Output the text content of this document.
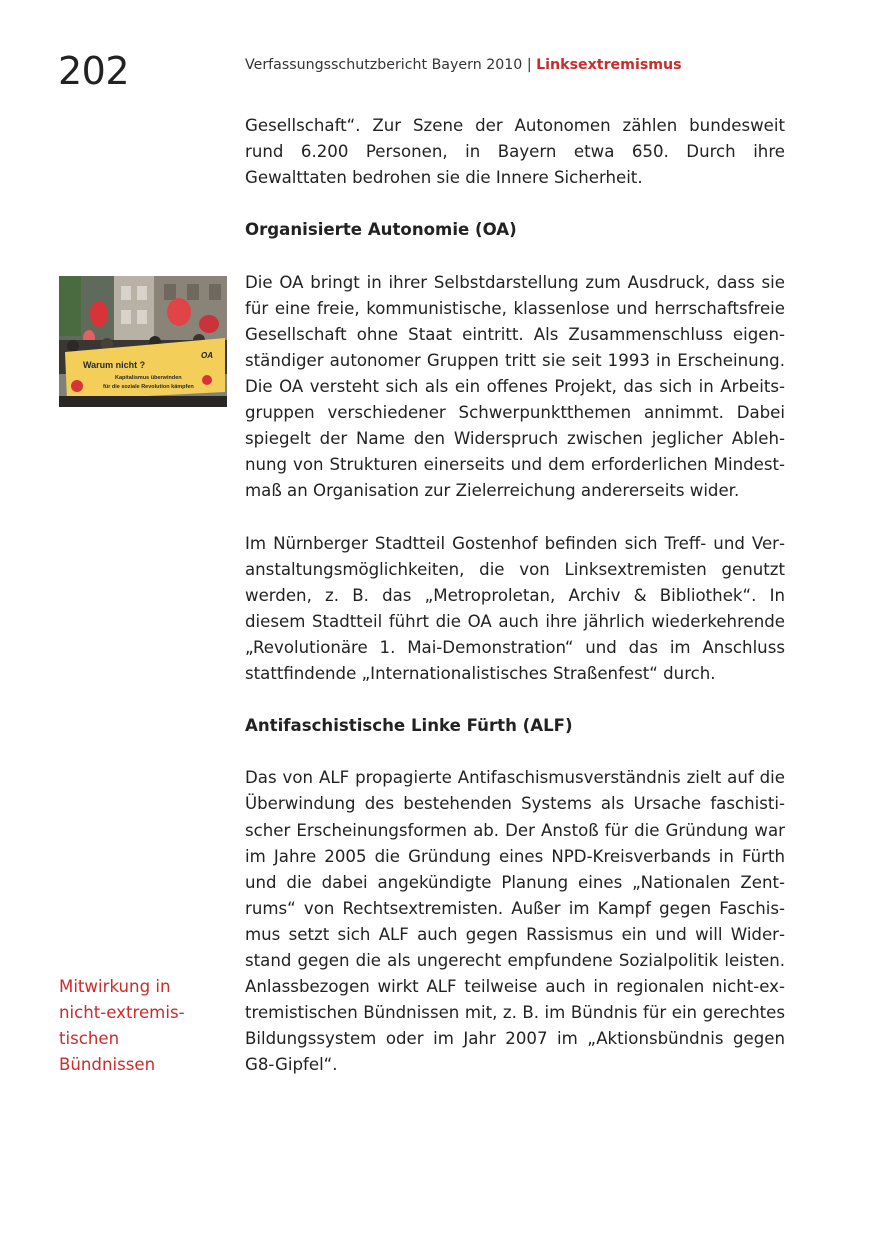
202	Verfassungsschutzbericht Bayern 2010 | Linksextremismus
Warum nicht ?
Kapitalismus überwinden
für die soziale Revolution kämpfen
OA

Gesellschaft“. Zur Szene der Autonomen zählen bundesweit rund 6.200 Personen, in Bayern etwa 650. Durch ihre Gewalttaten bedrohen sie die Innere Sicherheit.

Organisierte Autonomie (OA)

Die OA bringt in ihrer Selbstdarstellung zum Ausdruck, dass sie für eine freie, kommunistische, klassenlose und herrschaftsfreie Gesellschaft ohne Staat eintritt. Als Zusammenschluss eigenständiger autonomer Gruppen tritt sie seit 1993 in Erscheinung. Die OA versteht sich als ein offenes Projekt, das sich in Arbeitsgruppen verschiedener Schwerpunktthemen annimmt. Dabei spiegelt der Name den Widerspruch zwischen jeglicher Ablehnung von Strukturen einerseits und dem erforderlichen Mindestmaß an Organisation zur Zielerreichung andererseits wider.

Im Nürnberger Stadtteil Gostenhof befinden sich Treff- und Veranstaltungsmöglichkeiten, die von Linksextremisten genutzt werden, z. B. das „Metroproletan, Archiv & Bibliothek“. In diesem Stadtteil führt die OA auch ihre jährlich wiederkehrende „Revolutionäre 1. Mai-Demonstration“ und das im Anschluss stattfindende „Internationalistisches Straßenfest“ durch.

Antifaschistische Linke Fürth (ALF)

Das von ALF propagierte Antifaschismusverständnis zielt auf die Überwindung des bestehenden Systems als Ursache faschistischer Erscheinungsformen ab. Der Anstoß für die Gründung war im Jahre 2005 die Gründung eines NPD-Kreisverbands in Fürth und die dabei angekündigte Planung eines „Nationalen Zentrums“ von Rechtsextremisten. Außer im Kampf gegen Faschismus setzt sich ALF auch gegen Rassismus ein und will Widerstand gegen die als ungerecht empfundene Sozialpolitik leisten. Anlassbezogen wirkt ALF teilweise auch in regionalen nicht-extremistischen Bündnissen mit, z. B. im Bündnis für ein gerechtes Bildungssystem oder im Jahr 2007 im „Aktionsbündnis gegen G8-Gipfel“.

Mitwirkung in
nicht-extremis-
tischen
Bündnissen
